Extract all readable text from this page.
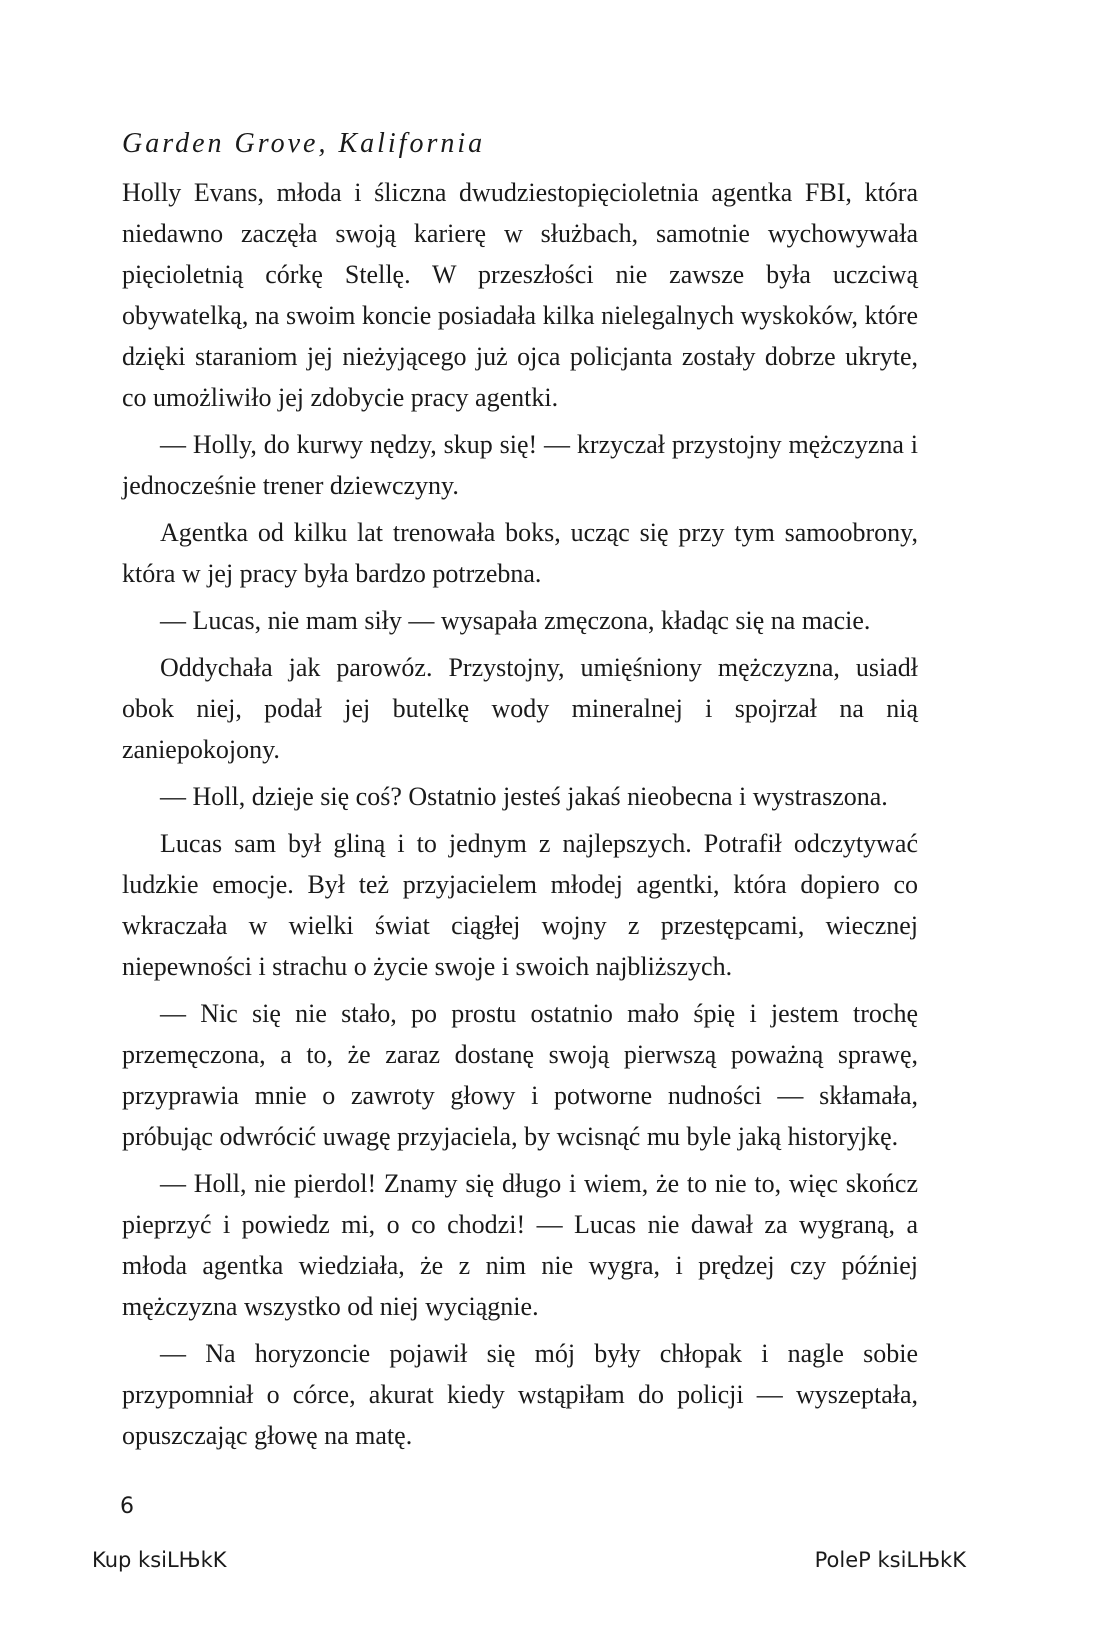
Garden Grove, Kalifornia

Holly Evans, młoda i śliczna dwudziestopięcioletnia agentka FBI, która niedawno zaczęła swoją karierę w służbach, samotnie wychowywała pięcioletnią córkę Stellę. W przeszłości nie zawsze była uczciwą obywatelką, na swoim koncie posiadała kilka nielegalnych wyskoków, które dzięki staraniom jej nieżyjącego już ojca policjanta zostały dobrze ukryte, co umożliwiło jej zdobycie pracy agentki.

— Holly, do kurwy nędzy, skup się! — krzyczał przystojny mężczyzna i jednocześnie trener dziewczyny.

Agentka od kilku lat trenowała boks, ucząc się przy tym samoobrony, która w jej pracy była bardzo potrzebna.

— Lucas, nie mam siły — wysapała zmęczona, kładąc się na macie.

Oddychała jak parowóz. Przystojny, umięśniony mężczyzna, usiadł obok niej, podał jej butelkę wody mineralnej i spojrzał na nią zaniepokojony.

— Holl, dzieje się coś? Ostatnio jesteś jakaś nieobecna i wystraszona.

Lucas sam był gliną i to jednym z najlepszych. Potrafił odczytywać ludzkie emocje. Był też przyjacielem młodej agentki, która dopiero co wkraczała w wielki świat ciągłej wojny z przestępcami, wiecznej niepewności i strachu o życie swoje i swoich najbliższych.

— Nic się nie stało, po prostu ostatnio mało śpię i jestem trochę przemęczona, a to, że zaraz dostanę swoją pierwszą poważną sprawę, przyprawia mnie o zawroty głowy i potworne nudności — skłamała, próbując odwrócić uwagę przyjaciela, by wcisnąć mu byle jaką historyjkę.

— Holl, nie pierdol! Znamy się długo i wiem, że to nie to, więc skończ pieprzyć i powiedz mi, o co chodzi! — Lucas nie dawał za wygraną, a młoda agentka wiedziała, że z nim nie wygra, i prędzej czy później mężczyzna wszystko od niej wyciągnie.

— Na horyzoncie pojawił się mój były chłopak i nagle sobie przypomniał o córce, akurat kiedy wstąpiłam do policji — wyszeptała, opuszczając głowę na matę.

6
Kup ksiLЊkK	PoleP ksiLЊkK
